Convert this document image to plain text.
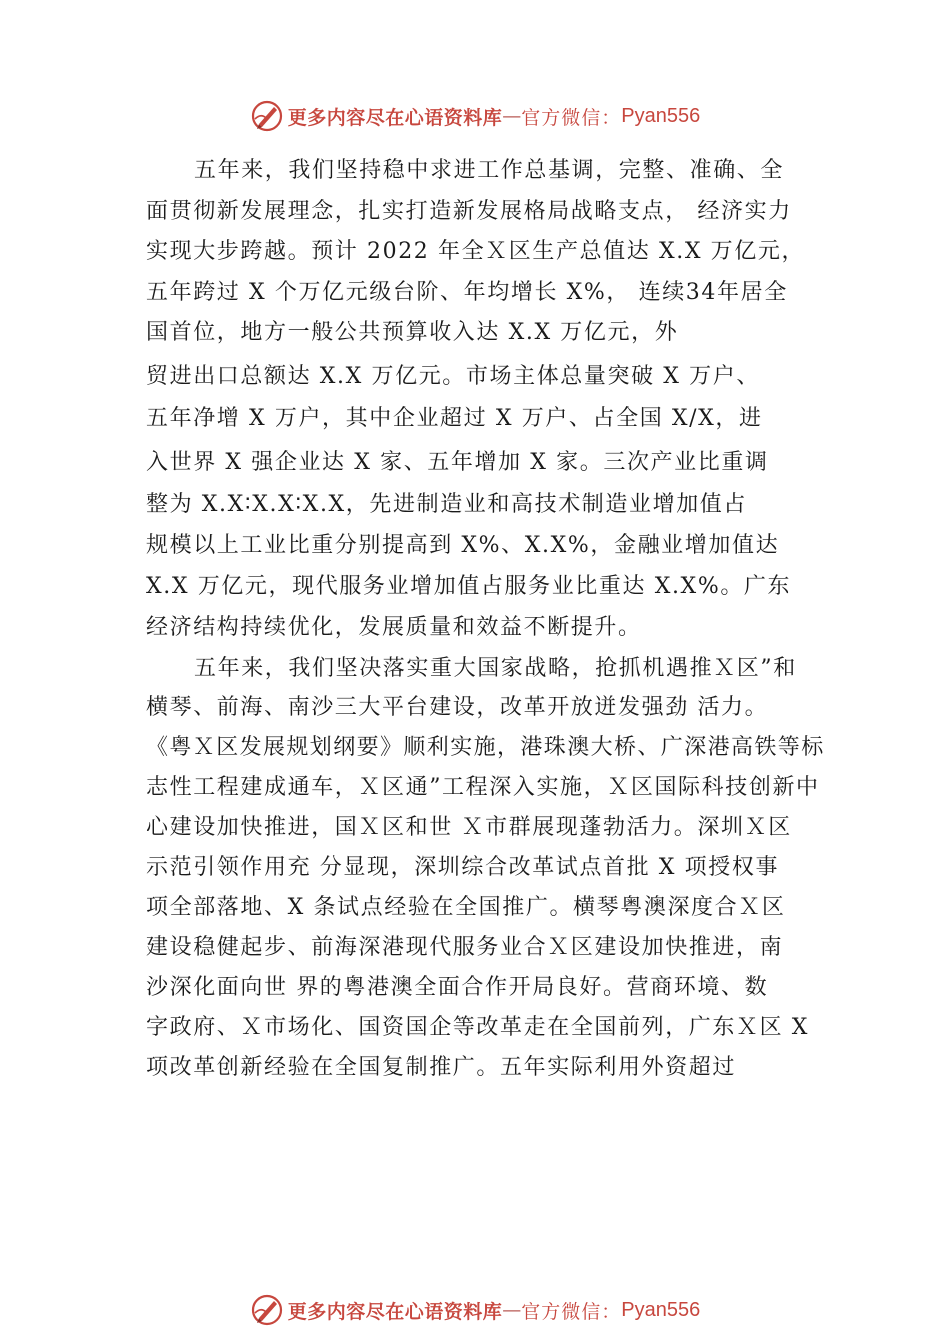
更多内容尽在心语资料库 — 官方微信： Pyan556
五年来，我们坚持稳中求进工作总基调，完整、准确、全
面贯彻新发展理念，扎实打造新发展格局战略支点， 经济实力
实现大步跨越。预计 2022 年全Ｘ区生产总值达 X.X 万亿元，
五年跨过 X 个万亿元级台阶、年均增长 X%， 连续34年居全
国首位，地方一般公共预算收入达 X.X 万亿元，外
贸进出口总额达 X.X 万亿元。市场主体总量突破 X 万户、
五年净增 X 万户，其中企业超过 X 万户、占全国 X/X，进
入世界 X 强企业达 X 家、五年增加 X 家。三次产业比重调
整为 X.X∶X.X∶X.X，先进制造业和高技术制造业增加值占
规模以上工业比重分别提高到 X%、X.X%，金融业增加值达
X.X 万亿元，现代服务业增加值占服务业比重达 X.X%。广东
经济结构持续优化，发展质量和效益不断提升。
五年来，我们坚决落实重大国家战略，抢抓机遇推Ｘ区”和
横琴、前海、南沙三大平台建设，改革开放迸发强劲 活力。
《粤Ｘ区发展规划纲要》顺利实施，港珠澳大桥、广深港高铁等标
志性工程建成通车，Ｘ区通”工程深入实施，Ｘ区国际科技创新中
心建设加快推进，国Ｘ区和世 Ｘ市群展现蓬勃活力。深圳Ｘ区
示范引领作用充 分显现，深圳综合改革试点首批 X 项授权事
项全部落地、X 条试点经验在全国推广。横琴粤澳深度合Ｘ区
建设稳健起步、前海深港现代服务业合Ｘ区建设加快推进，南
沙深化面向世 界的粤港澳全面合作开局良好。营商环境、数
字政府、Ｘ市场化、国资国企等改革走在全国前列，广东Ｘ区 X
项改革创新经验在全国复制推广。五年实际利用外资超过
更多内容尽在心语资料库 — 官方微信： Pyan556
